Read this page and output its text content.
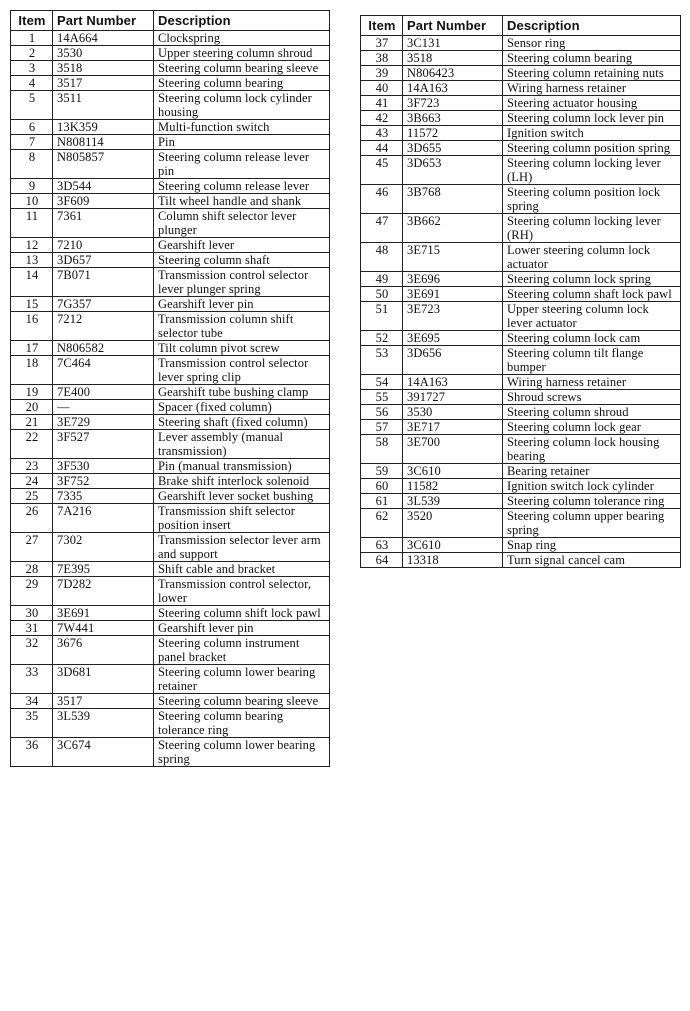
Item	Part Number	Description
1	14A664	Clockspring
2	3530	Upper steering column shroud
3	3518	Steering column bearing sleeve
4	3517	Steering column bearing
5	3511	Steering column lock cylinder housing
6	13K359	Multi-function switch
7	N808114	Pin
8	N805857	Steering column release lever pin
9	3D544	Steering column release lever
10	3F609	Tilt wheel handle and shank
11	7361	Column shift selector lever plunger
12	7210	Gearshift lever
13	3D657	Steering column shaft
14	7B071	Transmission control selector lever plunger spring
15	7G357	Gearshift lever pin
16	7212	Transmission column shift selector tube
17	N806582	Tilt column pivot screw
18	7C464	Transmission control selector lever spring clip
19	7E400	Gearshift tube bushing clamp
20	—	Spacer (fixed column)
21	3E729	Steering shaft (fixed column)
22	3F527	Lever assembly (manual transmission)
23	3F530	Pin (manual transmission)
24	3F752	Brake shift interlock solenoid
25	7335	Gearshift lever socket bushing
26	7A216	Transmission shift selector position insert
27	7302	Transmission selector lever arm and support
28	7E395	Shift cable and bracket
29	7D282	Transmission control selector, lower
30	3E691	Steering column shift lock pawl
31	7W441	Gearshift lever pin
32	3676	Steering column instrument panel bracket
33	3D681	Steering column lower bearing retainer
34	3517	Steering column bearing sleeve
35	3L539	Steering column bearing tolerance ring
36	3C674	Steering column lower bearing spring
Item	Part Number	Description
37	3C131	Sensor ring
38	3518	Steering column bearing
39	N806423	Steering column retaining nuts
40	14A163	Wiring harness retainer
41	3F723	Steering actuator housing
42	3B663	Steering column lock lever pin
43	11572	Ignition switch
44	3D655	Steering column position spring
45	3D653	Steering column locking lever (LH)
46	3B768	Steering column position lock spring
47	3B662	Steering column locking lever (RH)
48	3E715	Lower steering column lock actuator
49	3E696	Steering column lock spring
50	3E691	Steering column shaft lock pawl
51	3E723	Upper steering column lock lever actuator
52	3E695	Steering column lock cam
53	3D656	Steering column tilt flange bumper
54	14A163	Wiring harness retainer
55	391727	Shroud screws
56	3530	Steering column shroud
57	3E717	Steering column lock gear
58	3E700	Steering column lock housing bearing
59	3C610	Bearing retainer
60	11582	Ignition switch lock cylinder
61	3L539	Steering column tolerance ring
62	3520	Steering column upper bearing spring
63	3C610	Snap ring
64	13318	Turn signal cancel cam
